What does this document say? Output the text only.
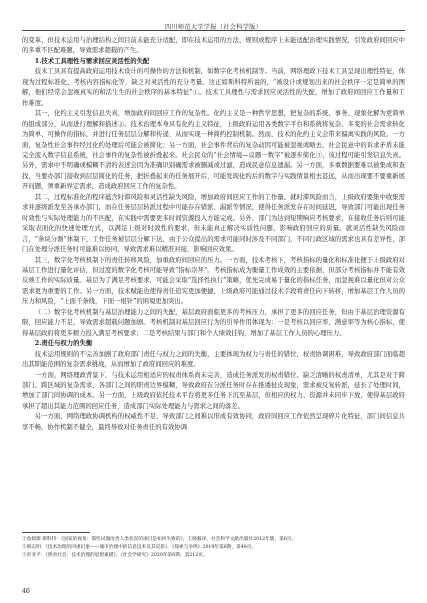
四川师范大学学报（社会科学版）

的变革，但技术运用与治理结构之间目前未能充分适配，即在技术运用的方法、规则或程序上未能适配治理实践情况，引发政府间回应中的多重不匹配难题，导致需求超载的产生。

1.技术工具理性与需求回应灵活性的失配

技术工具具有提高政府运用技术设计的可操作的方法和机制，如数字化考核机制等。当前，网络理政下技术工具呈现出理性特征，体现为过程标准化、考核内容指标化等，缺乏对灵活性的充分考量。这正如斯科特所说的，“被设计或规划出来的社会秩序一定是简单的图解，他们经常会忽视真实的和活生生的社会秩序的基本特征”①。技术工具理性与需求回应灵活性的失配，增加了政府间回应工作量和工作难度。

其一，化约主义引发信息失真，增加政府间回应工作的复杂性。化约主义是一种哲学思想，把复杂的系统、事务、现象化解为更简单的组成部分，从而进行理解和描述②。技术治理本身具有化约主义特征，上级政府运用各类数字平台和系统将复杂、多变的社会需求转化为简单、可操作的指标，并进行任务层层分解和传递，从而实现一种简约控制机制。然而，技术的化约主义会带来偏离实践的风险。一方面，复杂性社会事件经过化约处理后可能会被简化；另一方面，社会事件背后的复杂动因可能被忽视或略去，社会民意中的诉求矛盾未能完全流入数字信息系统，社会事件的复杂性被折叠起来。社会民众的“社会情境—议题一数字”被逐步简化③，该过程可能引发信息失真。另外，需求中不明确或模糊不清的表述会因为准确识别确需求被删减或过滤，造成民意信息遗漏。另一方面，多重数据要难以被集成和查找，当要办部门接收到层层简化的任务，把折叠起来的任务展开后，可能发现化约后的数字与实践情景相去甚远，从而出现要不要重新展开问题，须重新界定需求，造成政府回应工作的复杂性。

其二，过程标准化的程序蕴含时滞风险和灵活性缺失风险，增加政府间回应工作的工作量。就时滞风险而言，上级政府要集中收集需求并逐级派发至各承办部门，而在任务层层转派过程中可能存在错派、漏派等情况，使得任务派发存在时间延迟，导致部门可能出现任务时效性与实际处理能力的不匹配，在实践中需要更多时间资源投入方能完成。另外，部门为达到短期响应考核要求，在接收任务后则可能采取表面化的快速处理方式，以满足上级对时效性的要求，但未能真正解决实质性问题，影响政府回应的质量。就灵活性缺失风险而言，“条块分割”体制下，工作任务被层层分解下达，由于公众提出的需求可能同时涉及不同部门，不同行政区域的需求也具有差异性，部门在处理分派任务时可能难以协同，导致需求难以精准对接，影响回应效果。

其三，数字化考核机制下的责任转移风险，加重政府间回应的压力。一方面，技术考核下，考核指标的量化和标准化便于上级政府对基层工作进行量化评估，但过度的数字化考核可能导致“指标崇拜”。考核指标成为衡量工作成效的主要依据，但部分考核指标并不能有效反映工作的实际质量。基层为了满足考核要求，可能会采取“选择性执行”策略，优先完成易于量化的指标任务，而忽视难以量化但对公众需求更为重要的工作。另一方面，技术赋能也使得责任追究更加便捷，上级政府可能通过技术手段将责任向下转移，增加基层工作人员的压力和风险，“上面千条线，下面一根针”的困境更加突出。

（二）数字化考核机制与基层治理能力之间的失配，基层政府面临更多的考核压力，承担了更多的回应任务，但由于基层治理资源有限，回应能力不足，导致需求超载问题加剧。考核机制对基层回应行为的引导作用体现为：一是考核以回应率、满意率等为核心指标，使得基层政府将更多精力投入满足考核要求；二是考核结果与部门和个人绩效挂钩，增加了基层工作人员的心理压力。

2.责任与权力的失衡

技术运用规则的不完善加剧了政府部门责任与权力之间的失衡，主要体现为权力与责任的错位，权责协调困难，导致政府部门面临超出其职能范围的复杂需求挑战，从而增加了政府间回应的难度。

一方面，网络理政背景下，与技术运用相适应的权责体系尚未完善，造成任务派发的权责错位。缺乏清晰的权责清单，尤其是对于跨部门、跨区域的复杂需求，各部门之间的职责边界模糊，导致政府在分派任务时存在推诿扯皮现象，需求被反复转派，延长了处理时间，增加了部门间协调的成本。另一方面，上级政府依托技术平台将更多任务下沉至基层，但相应的权力、资源并未同步下放，使得基层政府承担了超出其能力范围的回应任务，造成部门实际处理能力与需求之间的落差。

另一方面，网络理政协调机构的权威性不足，导致部门之间难以形成有效协同，政府间回应工作依然呈现碎片化特征，部门间信息共享不畅，协作机制不健全，最终导致对任务责任的有效协调

①詹姆斯·斯科特：《国家的视角：那些试图改善人类状况的项目是如何失败的》，王晓毅译，社会科学文献出版社2012年版，第6页。

②韩志明：《技术治理的四重幻象——城市治理中的信息技术及其反思》，《探索与争鸣》2019年第6期，第48页。

③彭亚平：《照看社会：技术治理的思想素描》，《社会学研究》2020年第6期，第212页。

46
